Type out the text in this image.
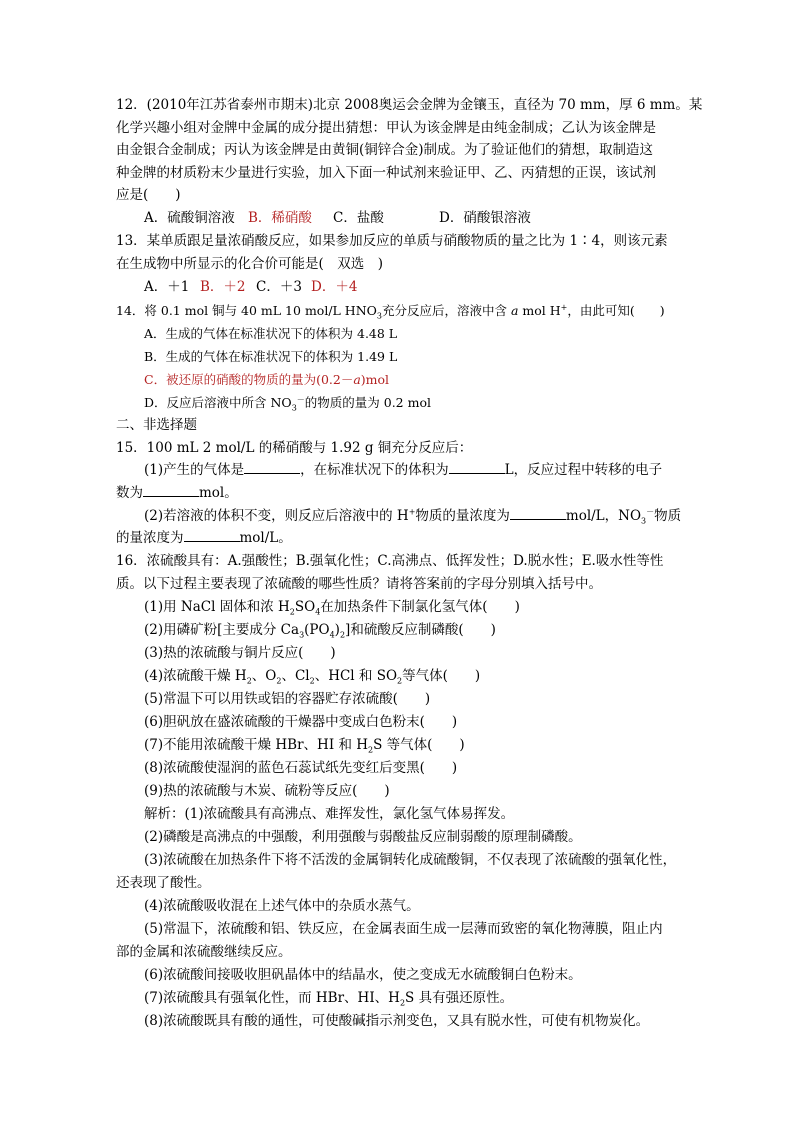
12．(2010年江苏省泰州市期末)北京 2008奥运会金牌为金镶玉，直径为 70 mm，厚 6 mm。某
化学兴趣小组对金牌中金属的成分提出猜想：甲认为该金牌是由纯金制成；乙认为该金牌是
由金银合金制成；丙认为该金牌是由黄铜(铜锌合金)制成。为了验证他们的猜想，取制造这
种金牌的材质粉末少量进行实验，加入下面一种试剂来验证甲、乙、丙猜想的正误，该试剂
应是(　　)
A．硫酸铜溶液 B．稀硝酸 C．盐酸	D．硝酸银溶液
13．某单质跟足量浓硝酸反应，如果参加反应的单质与硝酸物质的量之比为 1∶4，则该元素
在生成物中所显示的化合价可能是(　双选　)
A．＋1 B．＋2 C．＋3 D．＋4
14．将 0.1 mol 铜与 40 mL 10 mol/L $HNO_3$充分反应后，溶液中含 a mol H+，由此可知(　　)
A．生成的气体在标准状况下的体积为 4.48 L
B．生成的气体在标准状况下的体积为 1.49 L
C．被还原的硝酸的物质的量为(0.2－a)mol
D．反应后溶液中所含 $NO_3^-$的物质的量为 0.2 mol
二、非选择题
15．100 mL 2 mol/L 的稀硝酸与 1.92 g 铜充分反应后：
(1)产生的气体是	，在标准状况下的体积为	L，反应过程中转移的电子
数为	mol。
(2)若溶液的体积不变，则反应后溶液中的 H+物质的量浓度为	mol/L，$NO_3^-$物质
的量浓度为	mol/L。
16．浓硫酸具有：A.强酸性；B.强氧化性；C.高沸点、低挥发性；D.脱水性；E.吸水性等性
质。以下过程主要表现了浓硫酸的哪些性质？请将答案前的字母分别填入括号中。
(1)用 NaCl 固体和浓 $H_2SO_4$在加热条件下制氯化氢气体(　　)
(2)用磷矿粉[主要成分 $Ca_3(PO_4)_2$]和硫酸反应制磷酸(　　)
(3)热的浓硫酸与铜片反应(　　)
(4)浓硫酸干燥 $H_2$、$O_2$、$Cl_2$、HCl 和 $SO_2$等气体(　　)
(5)常温下可以用铁或铝的容器贮存浓硫酸(　　)
(6)胆矾放在盛浓硫酸的干燥器中变成白色粉末(　　)
(7)不能用浓硫酸干燥 HBr、HI 和 $H_2S$ 等气体(　　)
(8)浓硫酸使湿润的蓝色石蕊试纸先变红后变黑(　　)
(9)热的浓硫酸与木炭、硫粉等反应(　　)
解析：(1)浓硫酸具有高沸点、难挥发性，氯化氢气体易挥发。
(2)磷酸是高沸点的中强酸，利用强酸与弱酸盐反应制弱酸的原理制磷酸。
(3)浓硫酸在加热条件下将不活泼的金属铜转化成硫酸铜，不仅表现了浓硫酸的强氧化性，
还表现了酸性。
(4)浓硫酸吸收混在上述气体中的杂质水蒸气。
(5)常温下，浓硫酸和铝、铁反应，在金属表面生成一层薄而致密的氧化物薄膜，阻止内
部的金属和浓硫酸继续反应。
(6)浓硫酸间接吸收胆矾晶体中的结晶水，使之变成无水硫酸铜白色粉末。
(7)浓硫酸具有强氧化性，而 HBr、HI、$H_2S$ 具有强还原性。
(8)浓硫酸既具有酸的通性，可使酸碱指示剂变色，又具有脱水性，可使有机物炭化。
